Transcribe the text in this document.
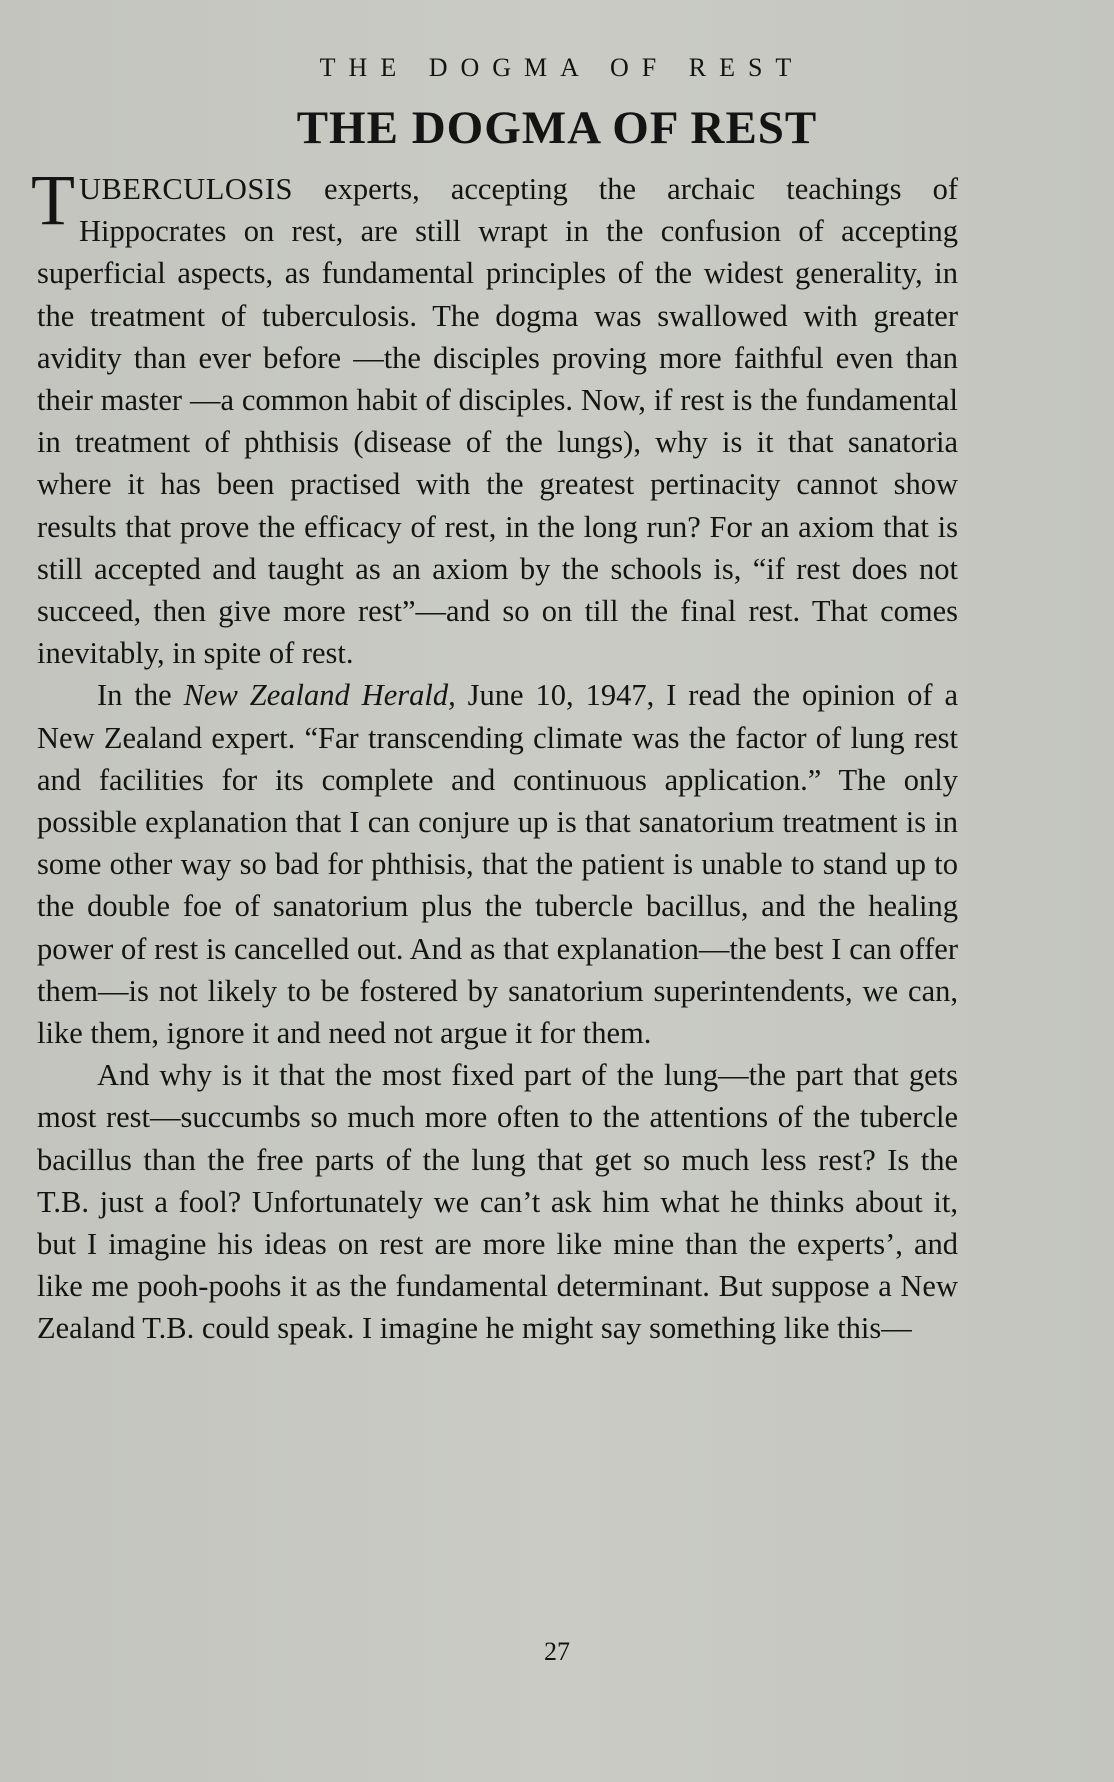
THE DOGMA OF REST
THE DOGMA OF REST

TUBERCULOSIS experts, accepting the archaic teachings of Hippocrates on rest, are still wrapt in the confusion of accepting superficial aspects, as fundamental principles of the widest generality, in the treatment of tuberculosis. The dogma was swallowed with greater avidity than ever before —the disciples proving more faithful even than their master —a common habit of disciples. Now, if rest is the fundamental in treatment of phthisis (disease of the lungs), why is it that sanatoria where it has been practised with the greatest pertinacity cannot show results that prove the efficacy of rest, in the long run? For an axiom that is still accepted and taught as an axiom by the schools is, “if rest does not succeed, then give more rest”—and so on till the final rest. That comes inevitably, in spite of rest.

In the New Zealand Herald, June 10, 1947, I read the opinion of a New Zealand expert. “Far transcending climate was the factor of lung rest and facilities for its complete and continuous application.” The only possible explanation that I can conjure up is that sanatorium treatment is in some other way so bad for phthisis, that the patient is unable to stand up to the double foe of sanatorium plus the tubercle bacillus, and the healing power of rest is cancelled out. And as that explanation—the best I can offer them—is not likely to be fostered by sanatorium superintendents, we can, like them, ignore it and need not argue it for them.

And why is it that the most fixed part of the lung—the part that gets most rest—succumbs so much more often to the attentions of the tubercle bacillus than the free parts of the lung that get so much less rest? Is the T.B. just a fool? Unfortunately we can’t ask him what he thinks about it, but I imagine his ideas on rest are more like mine than the experts’, and like me pooh-poohs it as the fundamental determinant. But suppose a New Zealand T.B. could speak. I imagine he might say something like this—

27
